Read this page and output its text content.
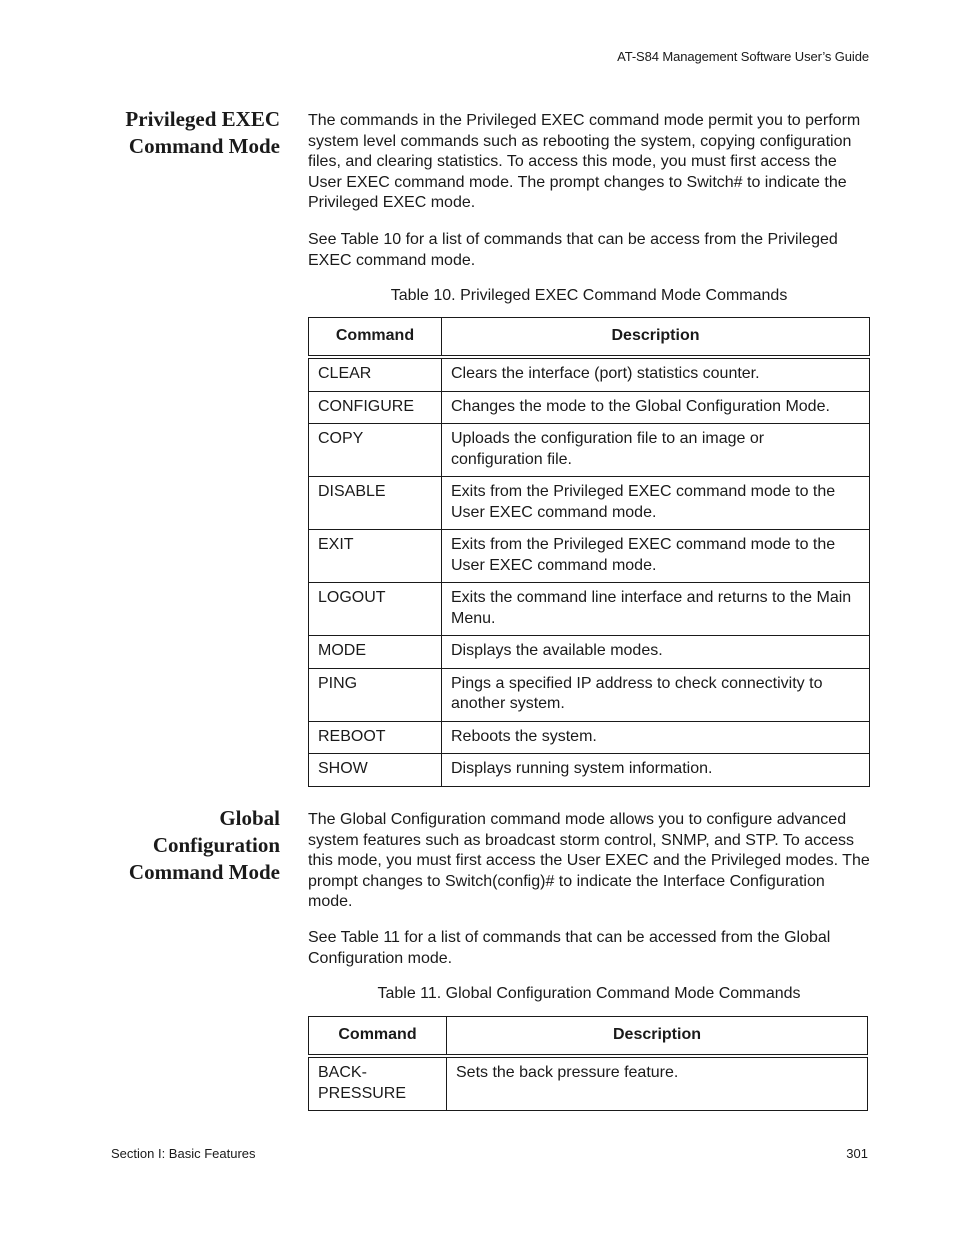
AT-S84 Management Software User’s Guide
Privileged EXEC
Command Mode

The commands in the Privileged EXEC command mode permit you to perform system level commands such as rebooting the system, copying configuration files, and clearing statistics. To access this mode, you must first access the User EXEC command mode. The prompt changes to Switch# to indicate the Privileged EXEC mode.

See Table 10 for a list of commands that can be access from the Privileged EXEC command mode.

Table 10. Privileged EXEC Command Mode Commands

Command	Description
CLEAR	Clears the interface (port) statistics counter.
CONFIGURE	Changes the mode to the Global Configuration Mode.
COPY	Uploads the configuration file to an image or configuration file.
DISABLE	Exits from the Privileged EXEC command mode to the User EXEC command mode.
EXIT	Exits from the Privileged EXEC command mode to the User EXEC command mode.
LOGOUT	Exits the command line interface and returns to the Main Menu.
MODE	Displays the available modes.
PING	Pings a specified IP address to check connectivity to another system.
REBOOT	Reboots the system.
SHOW	Displays running system information.
Global
Configuration
Command Mode

The Global Configuration command mode allows you to configure advanced system features such as broadcast storm control, SNMP, and STP. To access this mode, you must first access the User EXEC and the Privileged modes. The prompt changes to Switch(config)# to indicate the Interface Configuration mode.

See Table 11 for a list of commands that can be accessed from the Global Configuration mode.

Table 11. Global Configuration Command Mode Commands

Command	Description
BACK-
PRESSURE	Sets the back pressure feature.
Section I: Basic Features	301
